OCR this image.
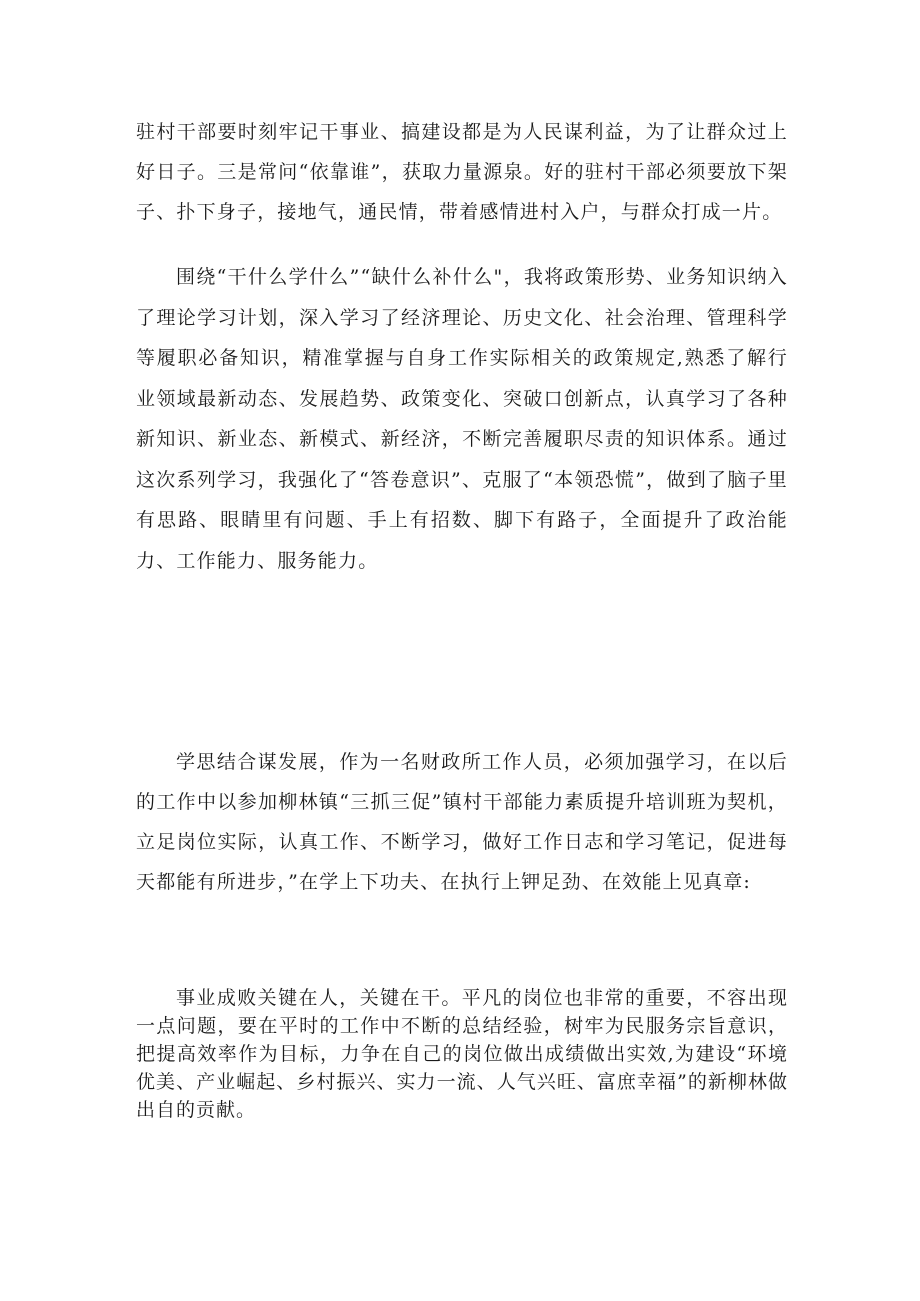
驻村干部要时刻牢记干事业、搞建设都是为人民谋利益，为了让群众过上好日子。三是常问“依靠谁”，获取力量源泉。好的驻村干部必须要放下架子、扑下身子，接地气，通民情，带着感情进村入户，与群众打成一片。

围绕“干什么学什么”“缺什么补什么"，我将政策形势、业务知识纳入了理论学习计划，深入学习了经济理论、历史文化、社会治理、管理科学等履职必备知识，精准掌握与自身工作实际相关的政策规定,熟悉了解行业领域最新动态、发展趋势、政策变化、突破口创新点，认真学习了各种新知识、新业态、新模式、新经济，不断完善履职尽责的知识体系。通过这次系列学习，我强化了“答卷意识”、克服了“本领恐慌”，做到了脑子里有思路、眼睛里有问题、手上有招数、脚下有路子，全面提升了政治能力、工作能力、服务能力。

学思结合谋发展，作为一名财政所工作人员，必须加强学习，在以后的工作中以参加柳林镇“三抓三促”镇村干部能力素质提升培训班为契机，立足岗位实际，认真工作、不断学习，做好工作日志和学习笔记，促进每天都能有所进步，”在学上下功夫、在执行上钾足劲、在效能上见真章:

事业成败关键在人，关键在干。平凡的岗位也非常的重要，不容出现一点问题，要在平时的工作中不断的总结经验，树牢为民服务宗旨意识，把提高效率作为目标，力争在自己的岗位做出成绩做出实效,为建设“环境优美、产业崛起、乡村振兴、实力一流、人气兴旺、富庶幸福”的新柳林做出自的贡献。
